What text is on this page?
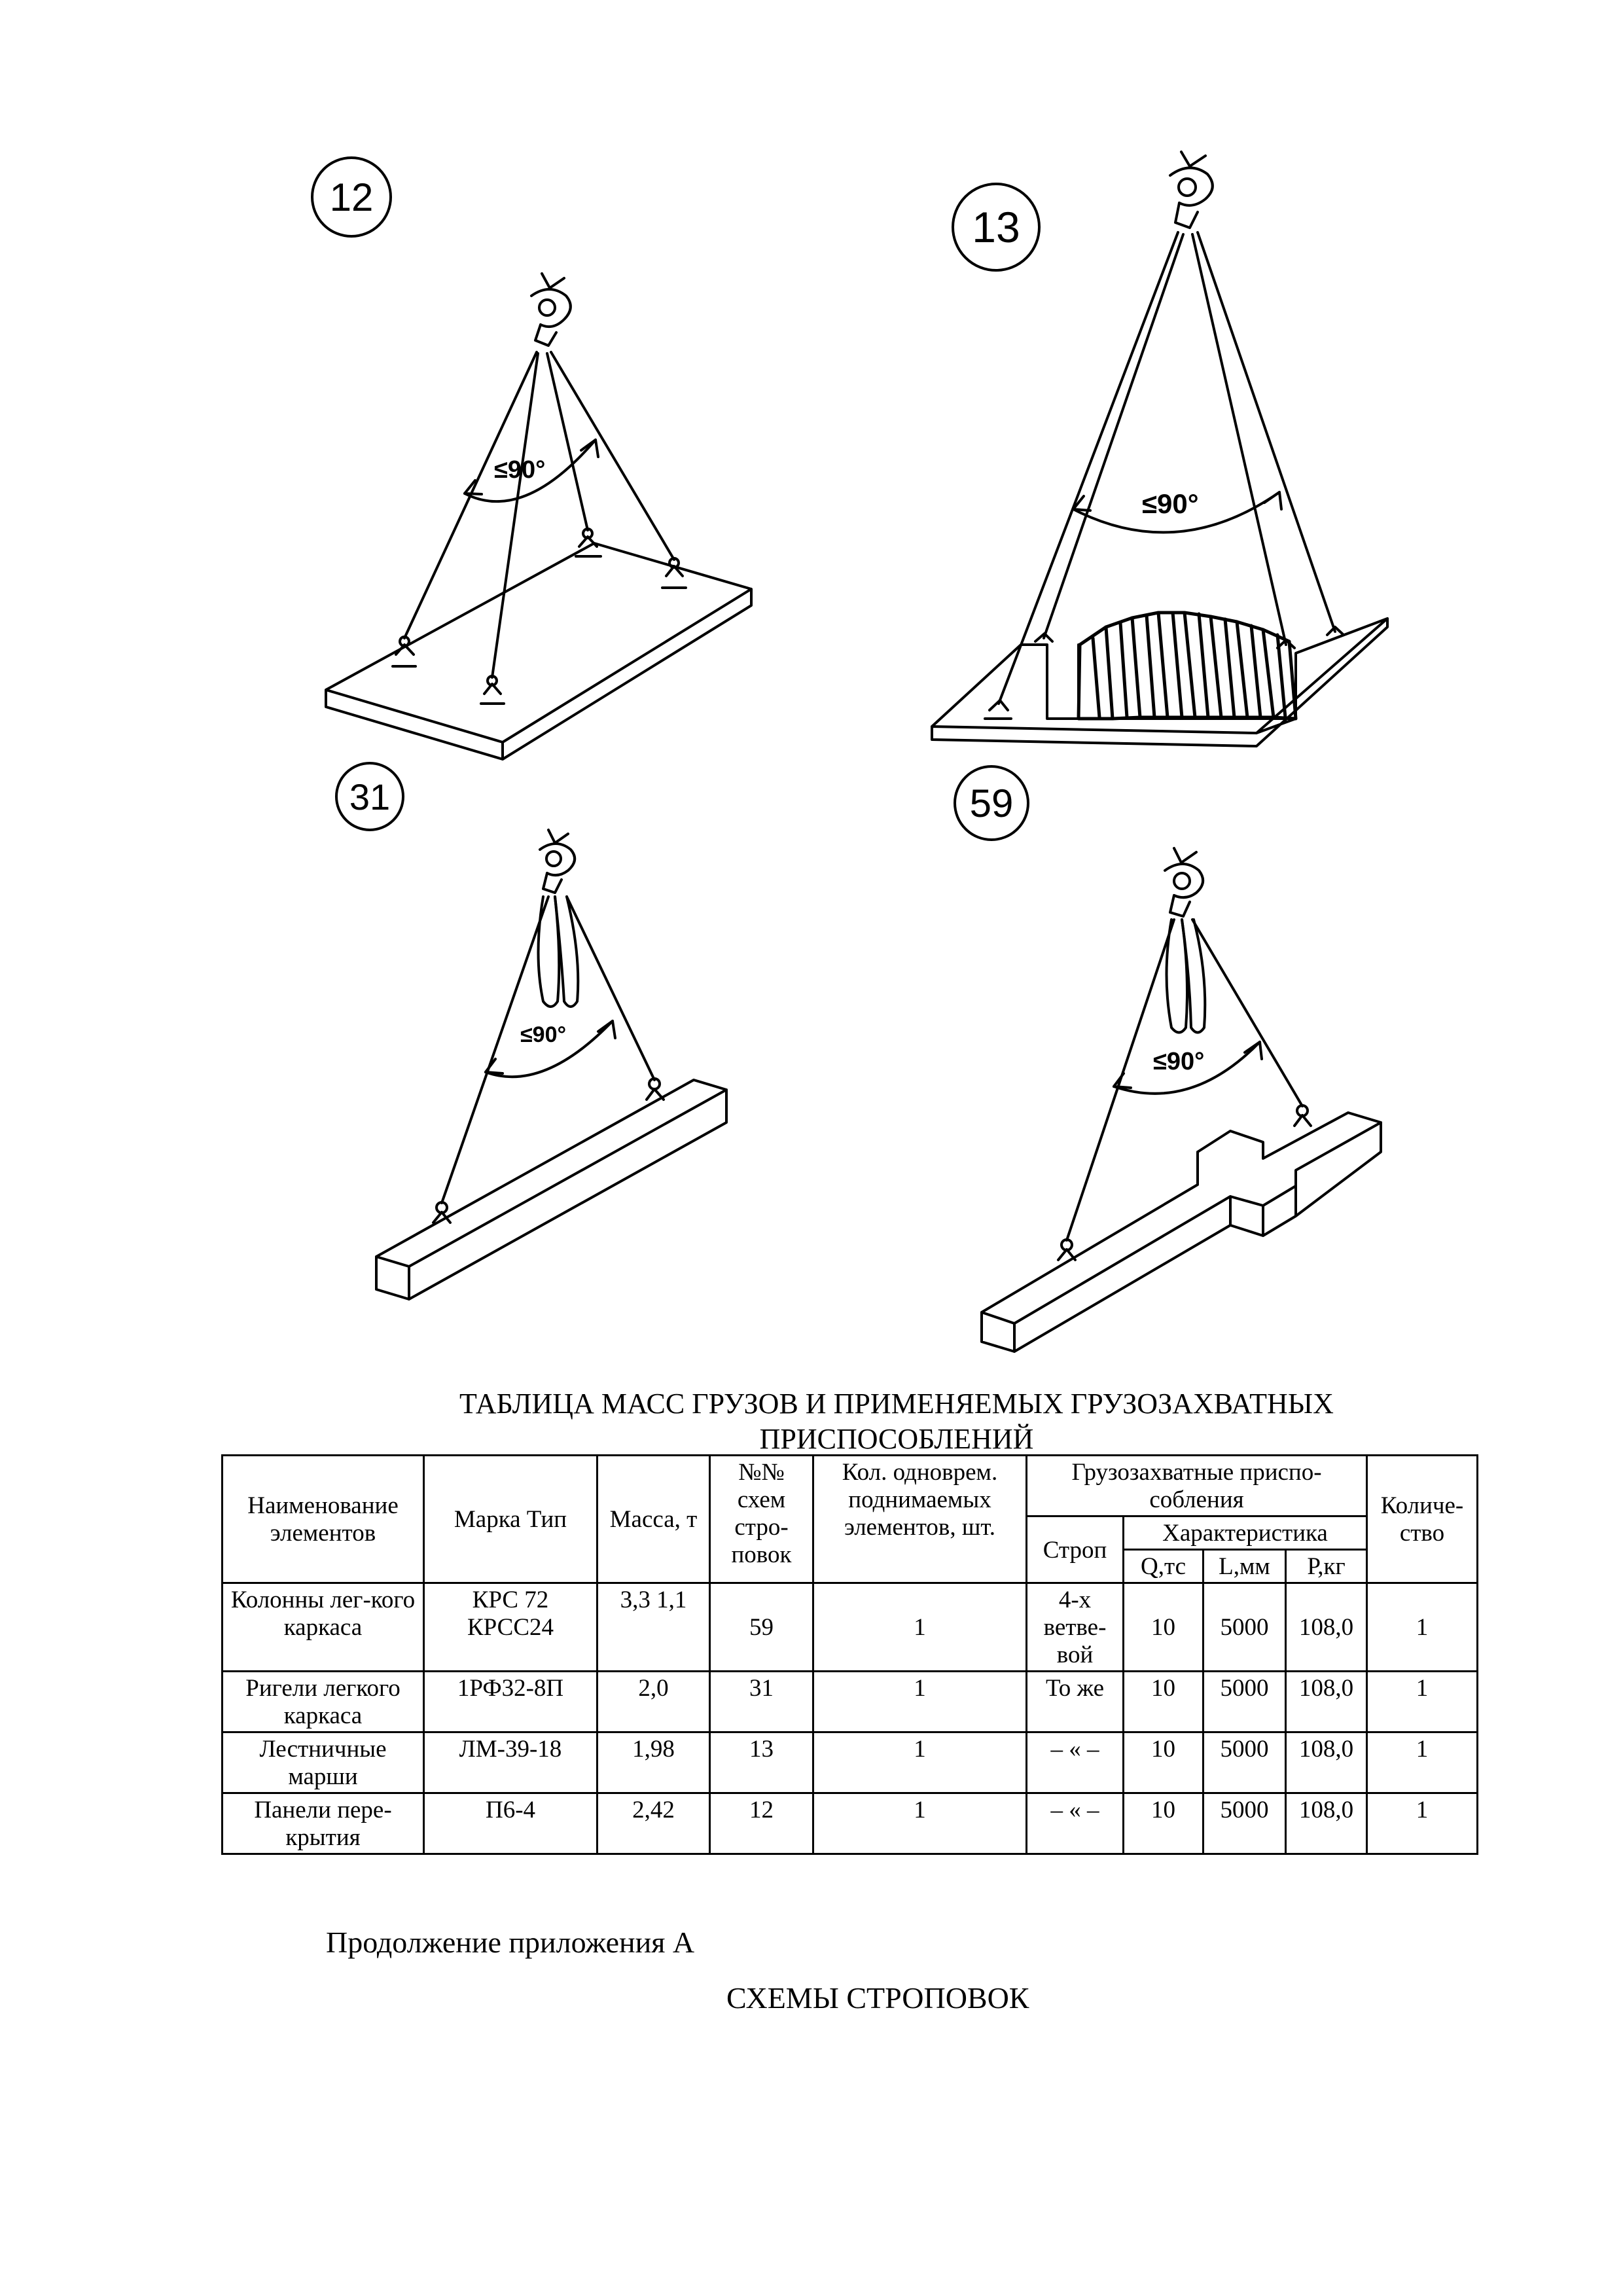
12
13
31	59
≤90°
≤90°
≤90°
≤90°
ТАБЛИЦА МАСС ГРУЗОВ И ПРИМЕНЯЕМЫХ ГРУЗОЗАХВАТНЫХ
ПРИСПОСОБЛЕНИЙ
Наименование элементов	Марка Тип	Масса, т	№№ схем стро-повок	Кол. одноврем. поднимаемых элементов, шт.	Грузозахватные приспо-собления				Количе-ство
					Строп	Характеристика			
						Q,тс	L,мм	Р,кг	
Колонны лег-кого каркаса	КРС 72 КРСС24	3,3 1,1	59	1	4-х ветве-вой	10	5000	108,0	1
Ригели легкого каркаса	1РФ32-8П	2,0	31	1	То же	10	5000	108,0	1
Лестничные марши	ЛМ-39-18	1,98	13	1	– « –	10	5000	108,0	1
Панели пере-крытия	П6-4	2,42	12	1	– « –	10	5000	108,0	1
Продолжение приложения А
СХЕМЫ СТРОПОВОК
